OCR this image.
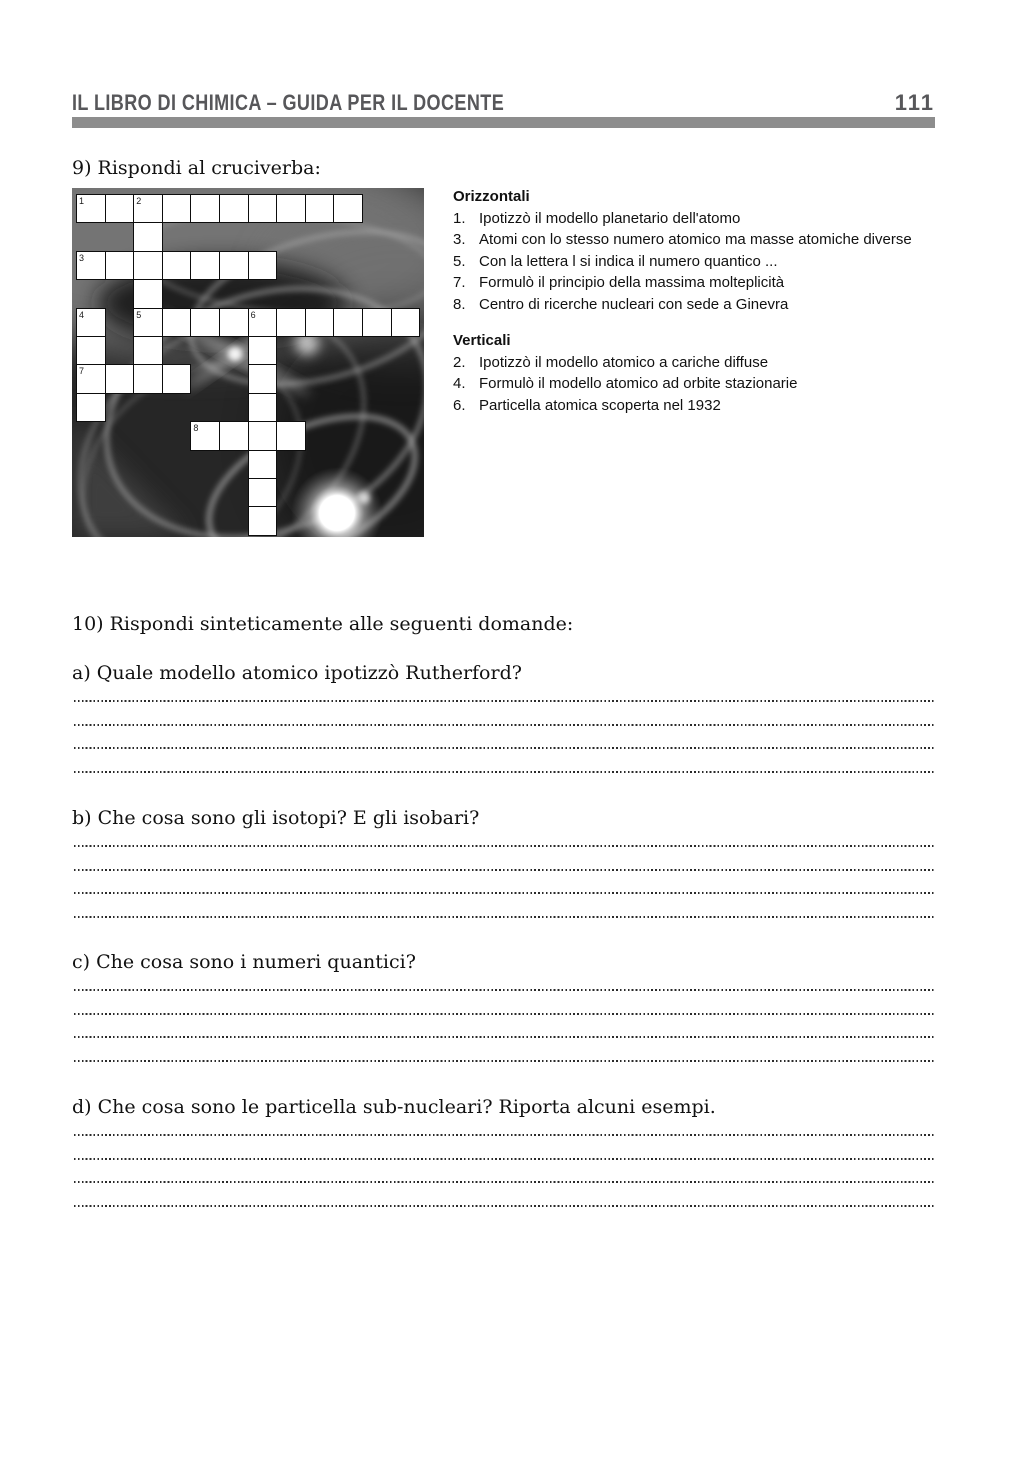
IL LIBRO DI CHIMICA – GUIDA PER IL DOCENTE	111
9) Rispondi al cruciverba:
1	2
3
4	5	6
7
8
Orizzontali
1. Ipotizzò il modello planetario dell'atomo
3. Atomi con lo stesso numero atomico ma masse atomiche diverse
5. Con la lettera l si indica il numero quantico ...
7. Formulò il principio della massima molteplicità
8. Centro di ricerche nucleari con sede a Ginevra
Verticali
2. Ipotizzò il modello atomico a cariche diffuse
4. Formulò il modello atomico ad orbite stazionarie
6. Particella atomica scoperta nel 1932
10) Rispondi sinteticamente alle seguenti domande:
a) Quale modello atomico ipotizzò Rutherford?
b) Che cosa sono gli isotopi? E gli isobari?
c) Che cosa sono i numeri quantici?
d) Che cosa sono le particella sub-nucleari? Riporta alcuni esempi.
